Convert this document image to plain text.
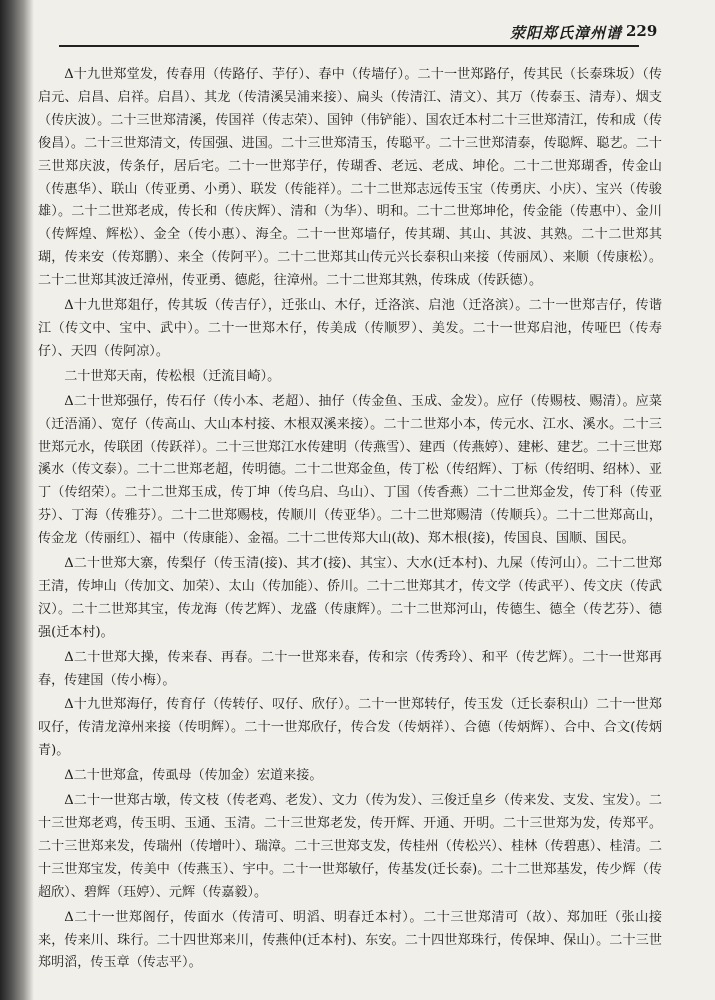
荥阳郑氏漳州谱 229

Δ十九世郑堂发，传春用（传路仔、芋仔）、春中（传墙仔）。二十一世郑路仔，传其民（长泰珠坂）（传启元、启昌、启祥。启昌）、其龙（传清溪吴浦来接）、扁头（传清江、清文）、其万（传泰玉、清寿）、烟支（传庆波）。二十三世郑清溪，传国祥（传志荣）、国钟（伟铲能）、国农迁本村二十三世郑清江，传和成（传俊昌）。二十三世郑清文，传国强、进国。二十三世郑清玉，传聪平。二十三世郑清泰，传聪辉、聪艺。二十三世郑庆波，传条仔，居后宅。二十一世郑芋仔，传瑚香、老远、老成、坤伦。二十二世郑瑚香，传金山（传惠华）、联山（传亚勇、小勇）、联发（传能祥）。二十二世郑志远传玉宝（传勇庆、小庆）、宝兴（传骏雄）。二十二世郑老成，传长和（传庆辉）、清和（为华）、明和。二十二世郑坤伦，传金能（传惠中）、金川（传辉煌、辉松）、金全（传小惠）、海全。二十一世郑墙仔，传其瑚、其山、其波、其熟。二十二世郑其瑚，传来安（传郑鹏）、来全（传阿平）。二十二世郑其山传元兴长泰积山来接（传丽凤）、来顺（传康松）。二十二世郑其波迁漳州，传亚勇、德彪，往漳州。二十二世郑其熟，传珠成（传跃德）。

Δ十九世郑爼仔，传其坂（传吉仔），迁张山、木仔，迁洛滨、启池（迁洛滨）。二十一世郑吉仔，传谐江（传文中、宝中、武中）。二十一世郑木仔，传美成（传顺罗）、美发。二十一世郑启池，传哑巴（传寿仔）、天四（传阿凉）。

二十世郑天南，传松根（迁流目崎）。

Δ二十世郑强仔，传石仔（传小本、老超）、抽仔（传金鱼、玉成、金发）。应仔（传赐枝、赐清）。应菜（迁浯涌）、宽仔（传高山、大山本村接、木根双溪来接）。二十二世郑小本，传元水、江水、溪水。二十三世郑元水，传联团（传跃祥）。二十三世郑江水传建明（传燕雪）、建西（传燕婷）、建彬、建艺。二十三世郑溪水（传文泰）。二十二世郑老超，传明德。二十二世郑金鱼，传丁松（传绍辉）、丁标（传绍明、绍林）、亚丁（传绍荣）。二十二世郑玉成，传丁坤（传乌启、乌山）、丁国（传香燕）二十二世郑金发，传丁科（传亚芬）、丁海（传雅芬）。二十二世郑赐枝，传顺川（传亚华）。二十二世郑赐清（传顺兵）。二十二世郑高山，传金龙（传丽红）、福中（传康能）、金福。二十二世传郑大山(故)、郑木根(接)，传国良、国顺、国民。

Δ二十世郑大寨，传梨仔（传玉清(接)、其才(接)、其宝）、大水(迁本村)、九屎（传河山）。二十二世郑王清，传坤山（传加文、加荣）、太山（传加能）、侨川。二十二世郑其才，传文学（传武平）、传文庆（传武汉）。二十二世郑其宝，传龙海（传艺辉）、龙盛（传康辉）。二十二世郑河山，传德生、德全（传艺芬）、德强(迁本村)。

Δ二十世郑大操，传来春、再春。二十一世郑来春，传和宗（传秀玲）、和平（传艺辉）。二十一世郑再春，传建国（传小梅）。

Δ十九世郑海仔，传育仔（传转仔、叹仔、欣仔）。二十一世郑转仔，传玉发（迁长泰积山）二十一世郑叹仔，传清龙漳州来接（传明辉）。二十一世郑欣仔，传合发（传炳祥）、合德（传炳辉）、合中、合文(传炳青)。

Δ二十世郑盒，传虱母（传加金）宏道来接。

Δ二十一世郑古墩，传文枝（传老鸡、老发）、文力（传为发）、三俊迁皇乡（传来发、支发、宝发）。二十三世郑老鸡，传玉明、玉通、玉清。二十三世郑老发，传开辉、开通、开明。二十三世郑为发，传郑平。二十三世郑来发，传瑞州（传增叶）、瑞漳。二十三世郑支发，传桂州（传松兴）、桂林（传碧惠）、桂清。二十三世郑宝发，传美中（传燕玉）、宇中。二十一世郑敏仔，传基发(迁长泰)。二十二世郑基发，传少辉（传超欣）、碧辉（珏婷）、元辉（传嘉毅）。

Δ二十一世郑阁仔，传面水（传清可、明滔、明春迁本村）。二十三世郑清可（故）、郑加旺（张山接来，传来川、珠行。二十四世郑来川，传燕仲(迁本村)、东安。二十四世郑珠行，传保坤、保山）。二十三世郑明滔，传玉章（传志平）。
